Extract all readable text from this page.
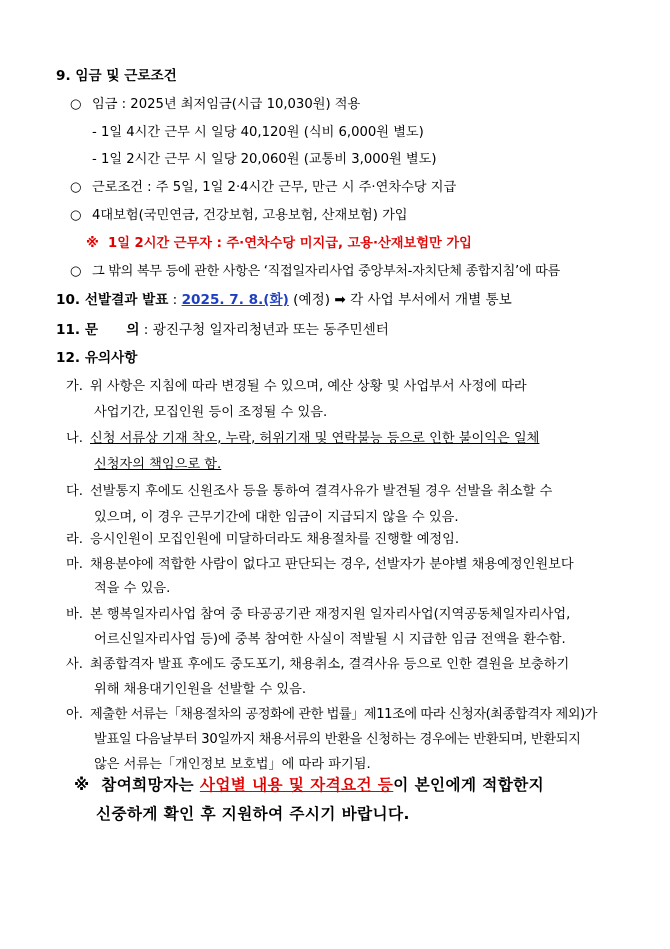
9. 임금 및 근로조건
○ 임금 : 2025년 최저임금(시급 10,030원) 적용
- 1일 4시간 근무 시 일당 40,120원 (식비 6,000원 별도)
- 1일 2시간 근무 시 일당 20,060원 (교통비 3,000원 별도)
○ 근로조건 : 주 5일, 1일 2·4시간 근무, 만근 시 주·연차수당 지급
○ 4대보험(국민연금, 건강보험, 고용보험, 산재보험) 가입
※ 1일 2시간 근무자 : 주·연차수당 미지급, 고용·산재보험만 가입
○ 그 밖의 복무 등에 관한 사항은 ‘직접일자리사업 중앙부처-자치단체 종합지침’에 따름
10. 선발결과 발표 : 2025. 7. 8.(화) (예정) ➡ 각 사업 부서에서 개별 통보
11. 문      의 : 광진구청 일자리청년과 또는 동주민센터
12. 유의사항
가. 위 사항은 지침에 따라 변경될 수 있으며, 예산 상황 및 사업부서 사정에 따라
사업기간, 모집인원 등이 조정될 수 있음.
나. 신청 서류상 기재 착오, 누락, 허위기재 및 연락불능 등으로 인한 불이익은 일체
신청자의 책임으로 함.
다. 선발통지 후에도 신원조사 등을 통하여 결격사유가 발견될 경우 선발을 취소할 수
있으며, 이 경우 근무기간에 대한 임금이 지급되지 않을 수 있음.
라. 응시인원이 모집인원에 미달하더라도 채용절차를 진행할 예정임.
마. 채용분야에 적합한 사람이 없다고 판단되는 경우, 선발자가 분야별 채용예정인원보다
적을 수 있음.
바. 본 행복일자리사업 참여 중 타공공기관 재정지원 일자리사업(지역공동체일자리사업,
어르신일자리사업 등)에 중복 참여한 사실이 적발될 시 지급한 임금 전액을 환수함.
사. 최종합격자 발표 후에도 중도포기, 채용취소, 결격사유 등으로 인한 결원을 보충하기
위해 채용대기인원을 선발할 수 있음.
아. 제출한 서류는「채용절차의 공정화에 관한 법률」제11조에 따라 신청자(최종합격자 제외)가
발표일 다음날부터 30일까지 채용서류의 반환을 신청하는 경우에는 반환되며, 반환되지
않은 서류는「개인정보 보호법」에 따라 파기됨.
※ 참여희망자는 사업별 내용 및 자격요건 등이 본인에게 적합한지
신중하게 확인 후 지원하여 주시기 바랍니다.
